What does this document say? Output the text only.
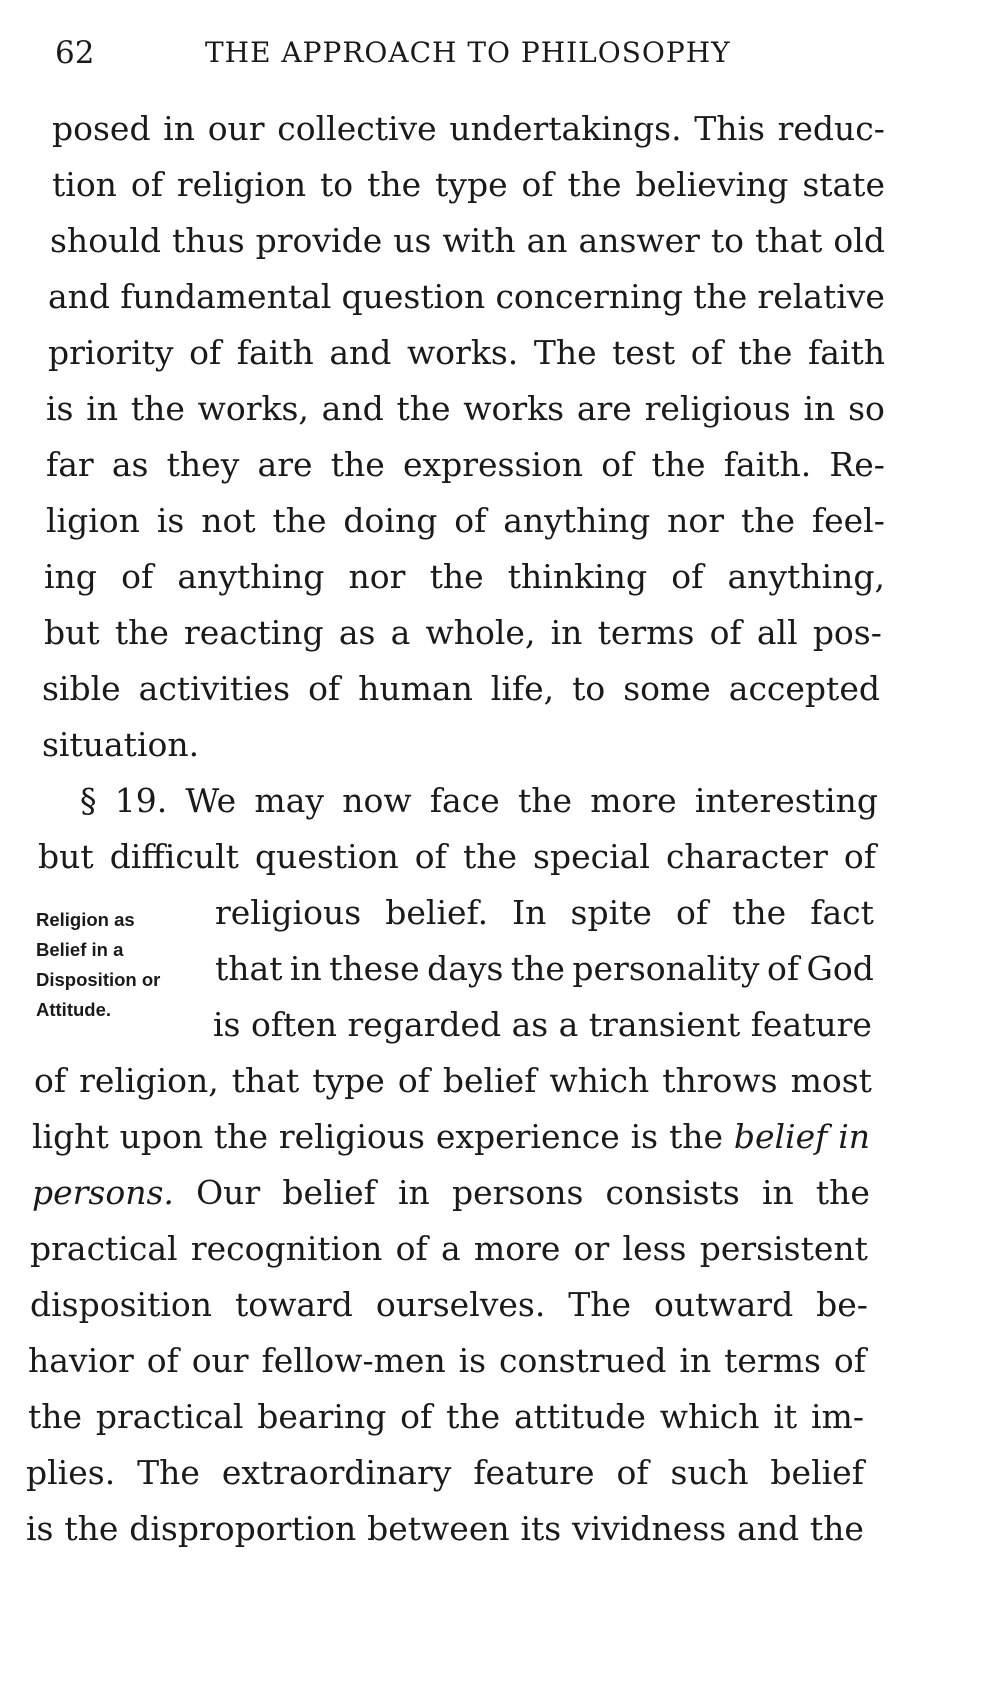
62	THE APPROACH TO PHILOSOPHY
Religion as
Belief in a
Disposition or
Attitude.
posed in our collective undertakings. This reduc-
tion of religion to the type of the believing state
should thus provide us with an answer to that old
and fundamental question concerning the relative
priority of faith and works. The test of the faith
is in the works, and the works are religious in so
far as they are the expression of the faith. Re-
ligion is not the doing of anything nor the feel-
ing of anything nor the thinking of anything,
but the reacting as a whole, in terms of all pos-
sible activities of human life, to some accepted
situation.
§ 19. We may now face the more interesting
but difficult question of the special character of
religious belief. In spite of the fact
that in these days the personality of God
is often regarded as a transient feature
of religion, that type of belief which throws most
light upon the religious experience is the belief in
persons. Our belief in persons consists in the
practical recognition of a more or less persistent
disposition toward ourselves. The outward be-
havior of our fellow-men is construed in terms of
the practical bearing of the attitude which it im-
plies. The extraordinary feature of such belief
is the disproportion between its vividness and the
